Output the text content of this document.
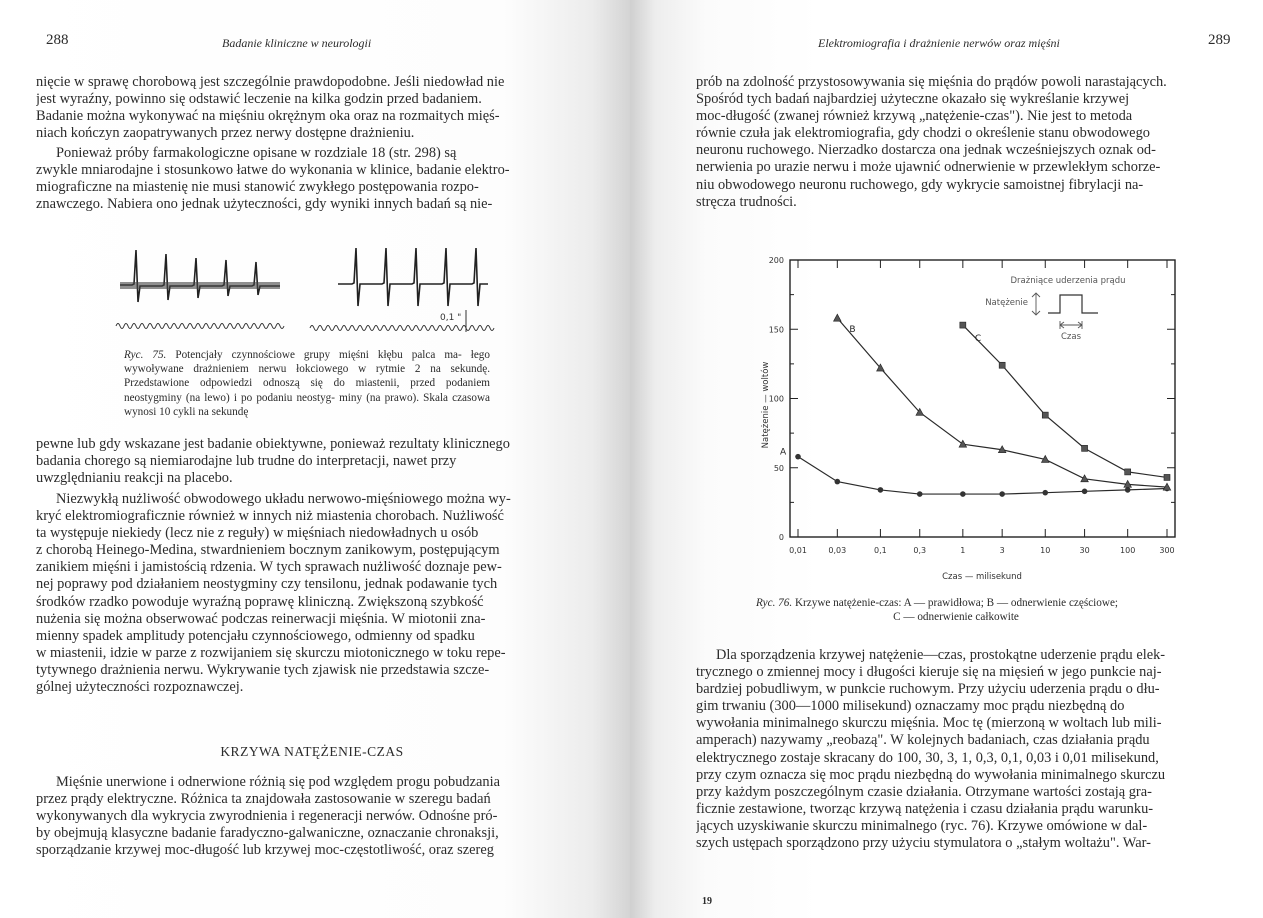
288	Badanie kliniczne w neurologii
nięcie w sprawę chorobową jest szczególnie prawdopodobne. Jeśli niedowład nie
jest wyraźny, powinno się odstawić leczenie na kilka godzin przed badaniem.
Badanie można wykonywać na mięśniu okrężnym oka oraz na rozmaitych mięś-
niach kończyn zaopatrywanych przez nerwy dostępne drażnieniu.
Ponieważ próby farmakologiczne opisane w rozdziale 18 (str. 298) są
zwykle mniarodajne i stosunkowo łatwe do wykonania w klinice, badanie elektro-
miograficzne na miastenię nie musi stanowić zwykłego postępowania rozpo-
znawczego. Nabiera ono jednak użyteczności, gdy wyniki innych badań są nie-
0,1 "
Ryc. 75. Potencjały czynnościowe grupy mięśni kłębu palca ma- łego wywoływane drażnieniem nerwu łokciowego w rytmie 2 na sekundę. Przedstawione odpowiedzi odnoszą się do miastenii, przed podaniem neostygminy (na lewo) i po podaniu neostyg- miny (na prawo). Skala czasowa wynosi 10 cykli na sekundę
pewne lub gdy wskazane jest badanie obiektywne, ponieważ rezultaty klinicznego
badania chorego są niemiarodajne lub trudne do interpretacji, nawet przy
uwzględnianiu reakcji na placebo.
Niezwykłą nużliwość obwodowego układu nerwowo-mięśniowego można wy-
kryć elektromiograficznie również w innych niż miastenia chorobach. Nużliwość
ta występuje niekiedy (lecz nie z reguły) w mięśniach niedowładnych u osób
z chorobą Heinego-Medina, stwardnieniem bocznym zanikowym, postępującym
zanikiem mięśni i jamistością rdzenia. W tych sprawach nużliwość doznaje pew-
nej poprawy pod działaniem neostygminy czy tensilonu, jednak podawanie tych
środków rzadko powoduje wyraźną poprawę kliniczną. Zwiększoną szybkość
nużenia się można obserwować podczas reinerwacji mięśnia. W miotonii zna-
mienny spadek amplitudy potencjału czynnościowego, odmienny od spadku
w miastenii, idzie w parze z rozwijaniem się skurczu miotonicznego w toku repe-
tytywnego drażnienia nerwu. Wykrywanie tych zjawisk nie przedstawia szcze-
gólnej użyteczności rozpoznawczej.
KRZYWA NATĘŻENIE-CZAS
Mięśnie unerwione i odnerwione różnią się pod względem progu pobudzania
przez prądy elektryczne. Różnica ta znajdowała zastosowanie w szeregu badań
wykonywanych dla wykrycia zwyrodnienia i regeneracji nerwów. Odnośne pró-
by obejmują klasyczne badanie faradyczno-galwaniczne, oznaczanie chronaksji,
sporządzanie krzywej moc-długość lub krzywej moc-częstotliwość, oraz szereg
Elektromiografia i drażnienie nerwów oraz mięśni	289
prób na zdolność przystosowywania się mięśnia do prądów powoli narastających.
Spośród tych badań najbardziej użyteczne okazało się wykreślanie krzywej
moc-długość (zwanej również krzywą „natężenie-czas"). Nie jest to metoda
równie czuła jak elektromiografia, gdy chodzi o określenie stanu obwodowego
neuronu ruchowego. Nierzadko dostarcza ona jednak wcześniejszych oznak od-
nerwienia po urazie nerwu i może ujawnić odnerwienie w przewlekłym schorze-
niu obwodowego neuronu ruchowego, gdy wykrycie samoistnej fibrylacji na-
stręcza trudności.
0,01	0,03	0,1	0,3	1	3	10	30	100	300
0
50
100
150
200
A
B
C
Czas — milisekund
Natężenie — woltów
Drażniące uderzenia prądu
Natężenie
Czas
Ryc. 76. Krzywe natężenie-czas: A — prawidłowa; B — odnerwienie częściowe;
C — odnerwienie całkowite
Dla sporządzenia krzywej natężenie—czas, prostokątne uderzenie prądu elek-
trycznego o zmiennej mocy i długości kieruje się na mięsień w jego punkcie naj-
bardziej pobudliwym, w punkcie ruchowym. Przy użyciu uderzenia prądu o dłu-
gim trwaniu (300—1000 milisekund) oznaczamy moc prądu niezbędną do
wywołania minimalnego skurczu mięśnia. Moc tę (mierzoną w woltach lub mili-
amperach) nazywamy „reobazą". W kolejnych badaniach, czas działania prądu
elektrycznego zostaje skracany do 100, 30, 3, 1, 0,3, 0,1, 0,03 i 0,01 milisekund,
przy czym oznacza się moc prądu niezbędną do wywołania minimalnego skurczu
przy każdym poszczególnym czasie działania. Otrzymane wartości zostają gra-
ficznie zestawione, tworząc krzywą natężenia i czasu działania prądu warunku-
jących uzyskiwanie skurczu minimalnego (ryc. 76). Krzywe omówione w dal-
szych ustępach sporządzono przy użyciu stymulatora o „stałym woltażu". War-
19
